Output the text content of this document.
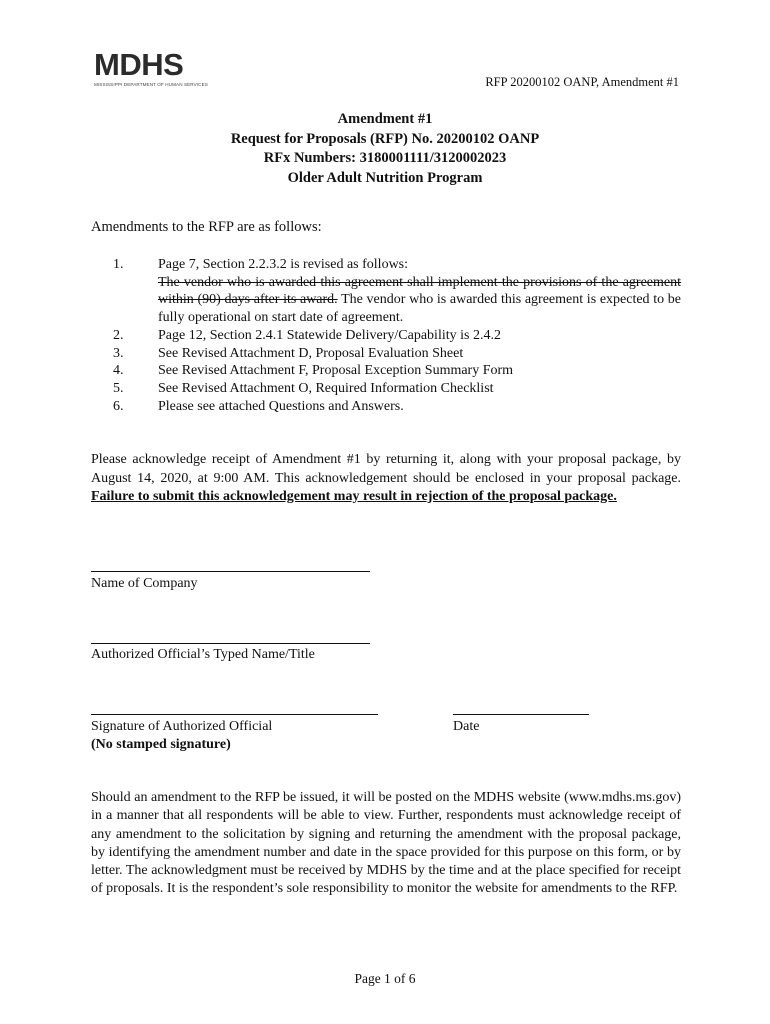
MDHS
MISSISSIPPI DEPARTMENT OF HUMAN SERVICES	RFP 20200102 OANP, Amendment #1
Amendment #1
Request for Proposals (RFP) No. 20200102 OANP
RFx Numbers: 3180001111/3120002023
Older Adult Nutrition Program
Amendments to the RFP are as follows:
1.	Page 7, Section 2.2.3.2 is revised as follows:
The vendor who is awarded this agreement shall implement the provisions of the agreement within (90) days after its award. The vendor who is awarded this agreement is expected to be fully operational on start date of agreement.
2.	Page 12, Section 2.4.1 Statewide Delivery/Capability is 2.4.2
3.	See Revised Attachment D, Proposal Evaluation Sheet
4.	See Revised Attachment F, Proposal Exception Summary Form
5.	See Revised Attachment O, Required Information Checklist
6.	Please see attached Questions and Answers.
Please acknowledge receipt of Amendment #1 by returning it, along with your proposal package, by August 14, 2020, at 9:00 AM. This acknowledgement should be enclosed in your proposal package. Failure to submit this acknowledgement may result in rejection of the proposal package.
Name of Company
Authorized Official’s Typed Name/Title
Signature of Authorized Official
(No stamped signature)
Date
Should an amendment to the RFP be issued, it will be posted on the MDHS website (www.mdhs.ms.gov) in a manner that all respondents will be able to view. Further, respondents must acknowledge receipt of any amendment to the solicitation by signing and returning the amendment with the proposal package, by identifying the amendment number and date in the space provided for this purpose on this form, or by letter. The acknowledgment must be received by MDHS by the time and at the place specified for receipt of proposals. It is the respondent’s sole responsibility to monitor the website for amendments to the RFP.
Page 1 of 6
